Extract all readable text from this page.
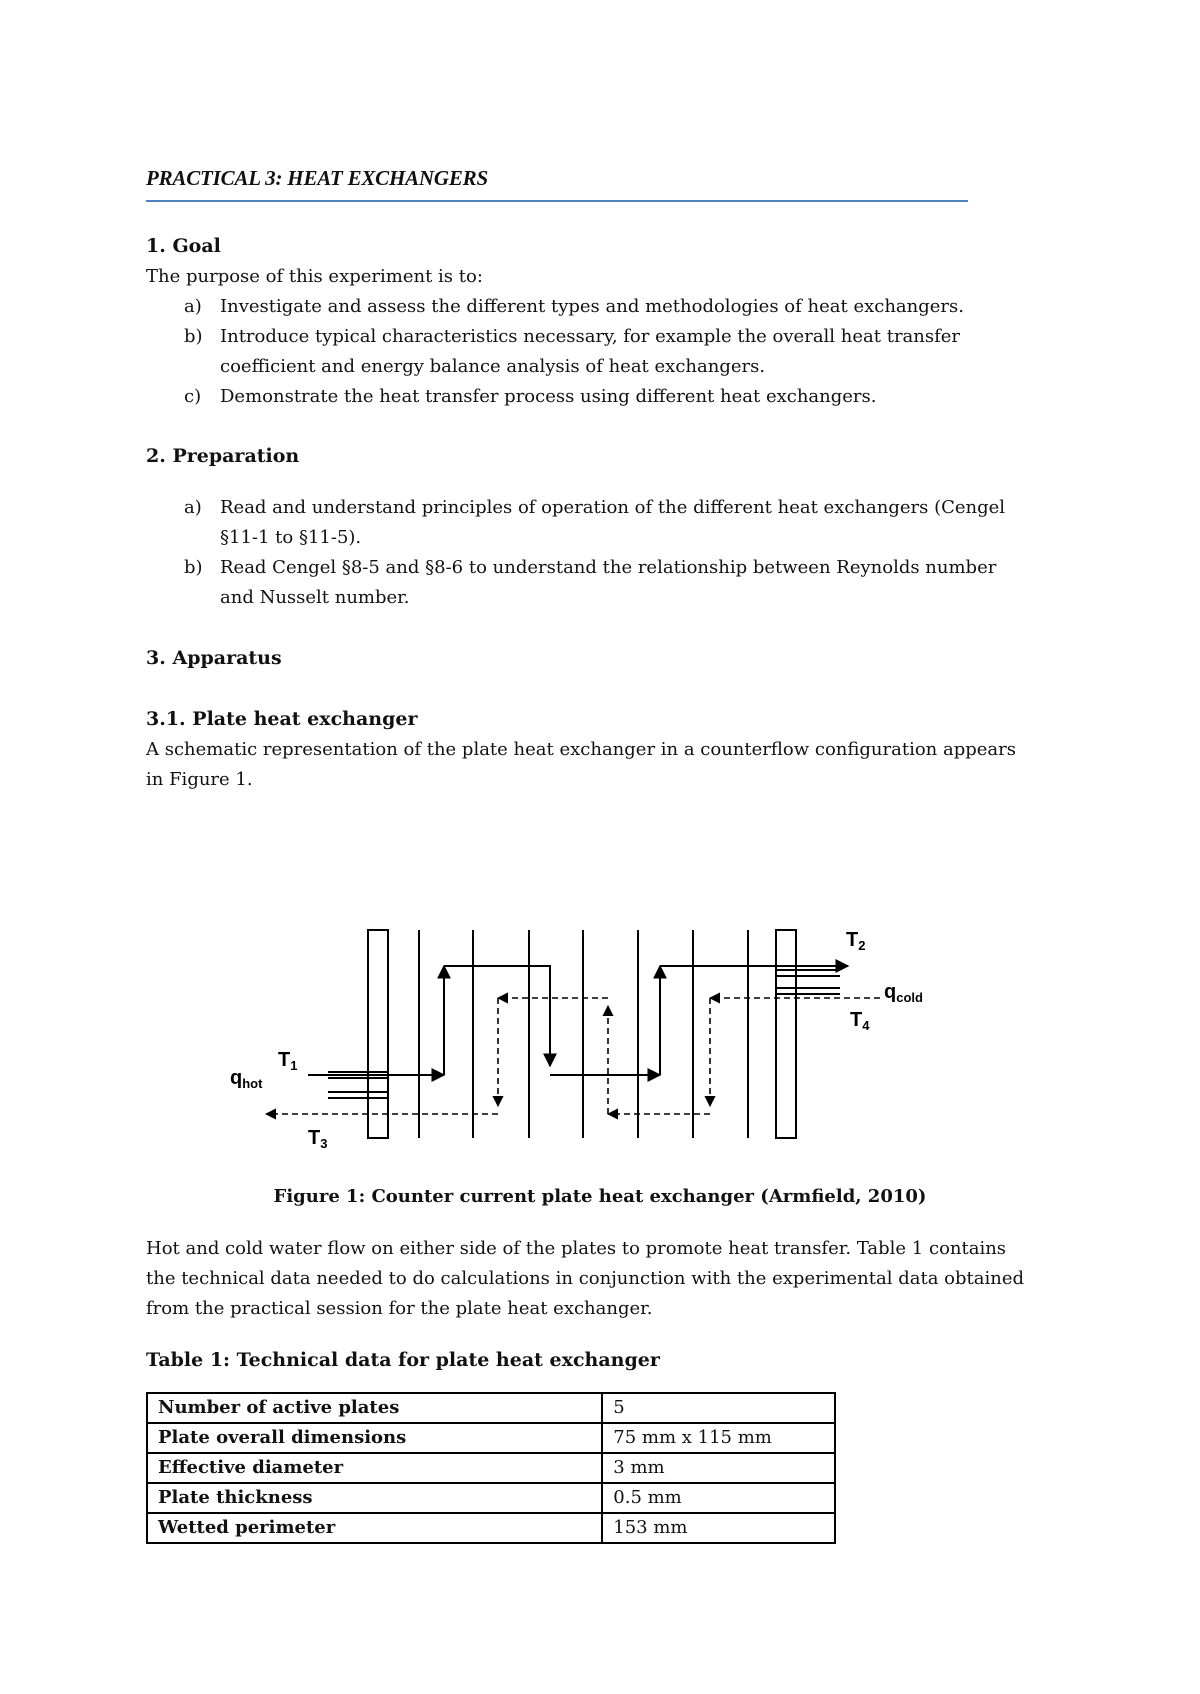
PRACTICAL 3: HEAT EXCHANGERS
1. Goal
The purpose of this experiment is to:
a) Investigate and assess the different types and methodologies of heat exchangers.
b) Introduce typical characteristics necessary, for example the overall heat transfer
coefficient and energy balance analysis of heat exchangers.
c) Demonstrate the heat transfer process using different heat exchangers.
2. Preparation
a) Read and understand principles of operation of the different heat exchangers (Cengel
§11-1 to §11-5).
b) Read Cengel §8-5 and §8-6 to understand the relationship between Reynolds number
and Nusselt number.
3. Apparatus
3.1. Plate heat exchanger
A schematic representation of the plate heat exchanger in a counterflow configuration appears
in Figure 1.
$T_1$
$q_{hot}$
$T_3$
$T_2$
$q_{cold}$
$T_4$
Figure 1: Counter current plate heat exchanger (Armfield, 2010)
Hot and cold water flow on either side of the plates to promote heat transfer. Table 1 contains
the technical data needed to do calculations in conjunction with the experimental data obtained
from the practical session for the plate heat exchanger.
Table 1: Technical data for plate heat exchanger
Number of active plates	5
Plate overall dimensions	75 mm x 115 mm
Effective diameter	3 mm
Plate thickness	0.5 mm
Wetted perimeter	153 mm
